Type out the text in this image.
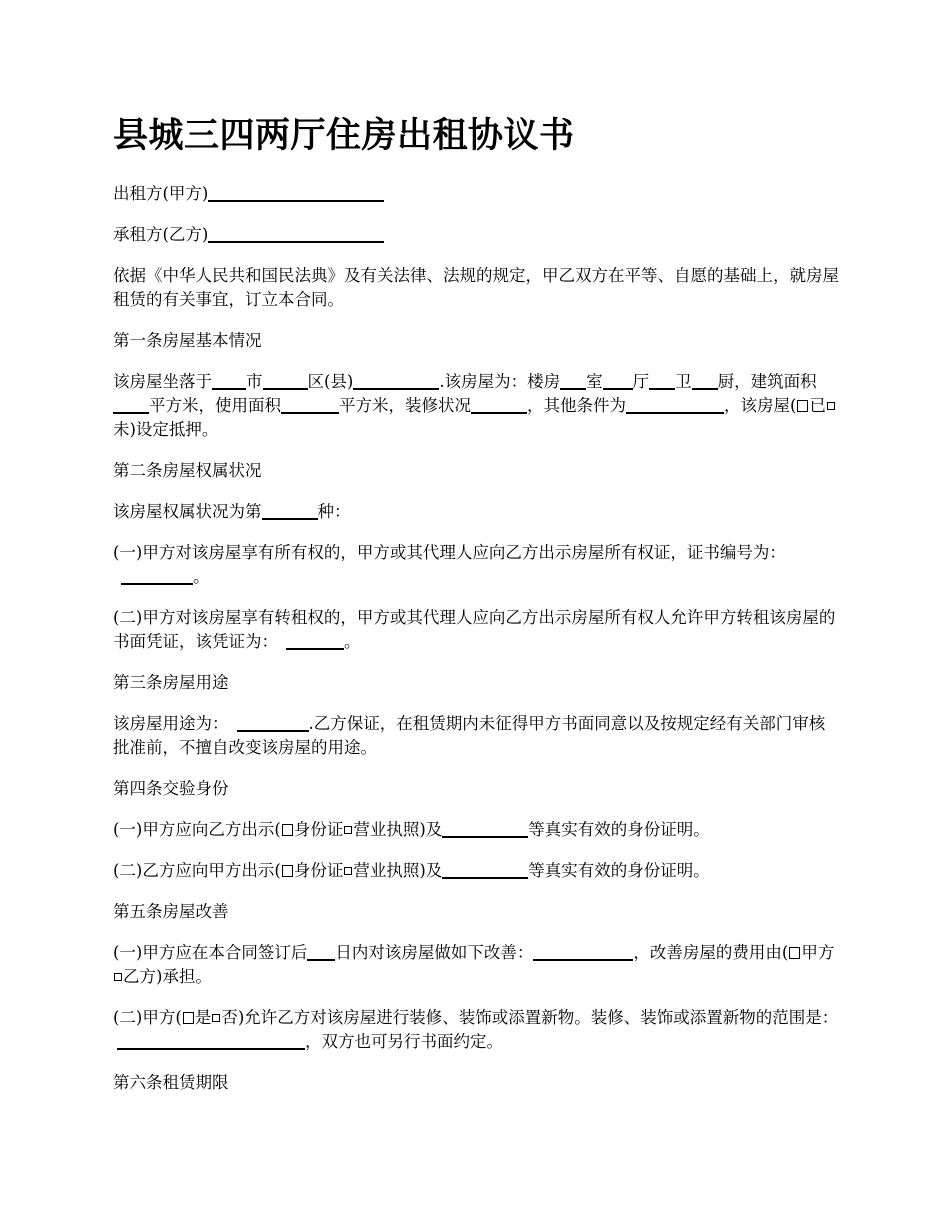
县城三四两厅住房出租协议书
出租方(甲方)
承租方(乙方)
依据《中华人民共和国民法典》及有关法律、法规的规定，甲乙双方在平等、自愿的基础上，就房屋租赁的有关事宜，订立本合同。
第一条房屋基本情况
该房屋坐落于 市	区(县)	.该房屋为：楼房 室 厅 卫 厨，建筑面积平方米，使用面积	平方米，装修状况	，其他条件为	，该房屋( 已未)设定抵押。
第二条房屋权属状况
该房屋权属状况为第	种：
(一)甲方对该房屋享有所有权的，甲方或其代理人应向乙方出示房屋所有权证，证书编号为：。
(二)甲方对该房屋享有转租权的，甲方或其代理人应向乙方出示房屋所有权人允许甲方转租该房屋的书面凭证，该凭证为：	。
第三条房屋用途
该房屋用途为：	.乙方保证，在租赁期内未征得甲方书面同意以及按规定经有关部门审核批准前，不擅自改变该房屋的用途。
第四条交验身份
(一)甲方应向乙方出示( 身份证 营业执照)及	等真实有效的身份证明。
(二)乙方应向甲方出示( 身份证 营业执照)及	等真实有效的身份证明。
第五条房屋改善
(一)甲方应在本合同签订后 日内对该房屋做如下改善：	，改善房屋的费用由( 甲方乙方)承担。
(二)甲方( 是 否)允许乙方对该房屋进行装修、装饰或添置新物。装修、装饰或添置新物的范围是：，双方也可另行书面约定。
第六条租赁期限
